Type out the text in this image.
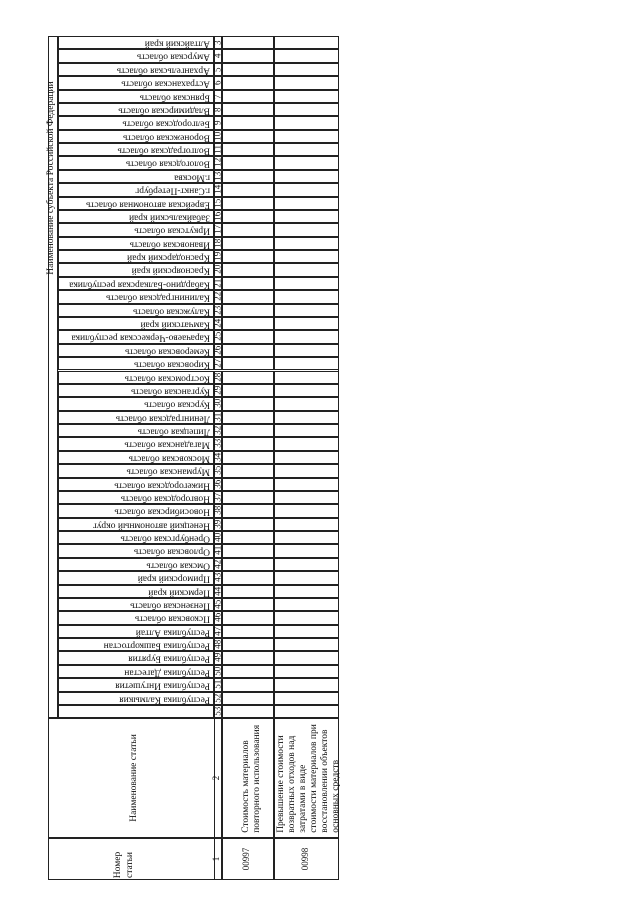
Наименование субъекта Российской Федерации
Алтайский край 3
Амурская область 4
Архангельская область 5
Астраханская область 6
Брянская область 7
Владимирская область 8
Белгородская область 9
Воронежская область 10
Волгоградская область 11
Вологодская область 12
г.Москва 13
г.Санкт-Петербург 14
Еврейская автономная область 15
Забайкальский край 16
Иркутская область 17
Ивановская область 18
Краснодарский край 19
Красноярский край 20
Кабардино-Балкарская республика 21
Калининградская область 22
Калужская область 23
Камчатский край 24
Карачаево-Черкесская республика 25
Кемеровская область 26
Кировская область 27
Костромская область 28
Курганская область 29
Курская область 30
Ленинградская область 31
Липецкая область 32
Магаданская область 33
Московская область 34
Мурманская область 35
Нижегородская область 36
Новгородская область 37
Новосибирская область 38
Ненецкий автономный округ 39
Оренбургская область 40
Орловская область 41
Омская область 42
Приморский край 43
Пермский край 44
Пензенская область 45
Псковская область 46
Республика Алтай 47
Республика Башкортостан 48
Республика Бурятия 49
Республика Дагестан 50
Республика Ингушетия 51
Республика Калмыкия 52
53
Наименование статьи
Номер
статьи
2
1
Стоимость материалов
повторного использования
Превышение стоимости
возвратных отходов над
затратами в виде
стоимости материалов при
восстановлении объектов
основных средств
00997	00998
